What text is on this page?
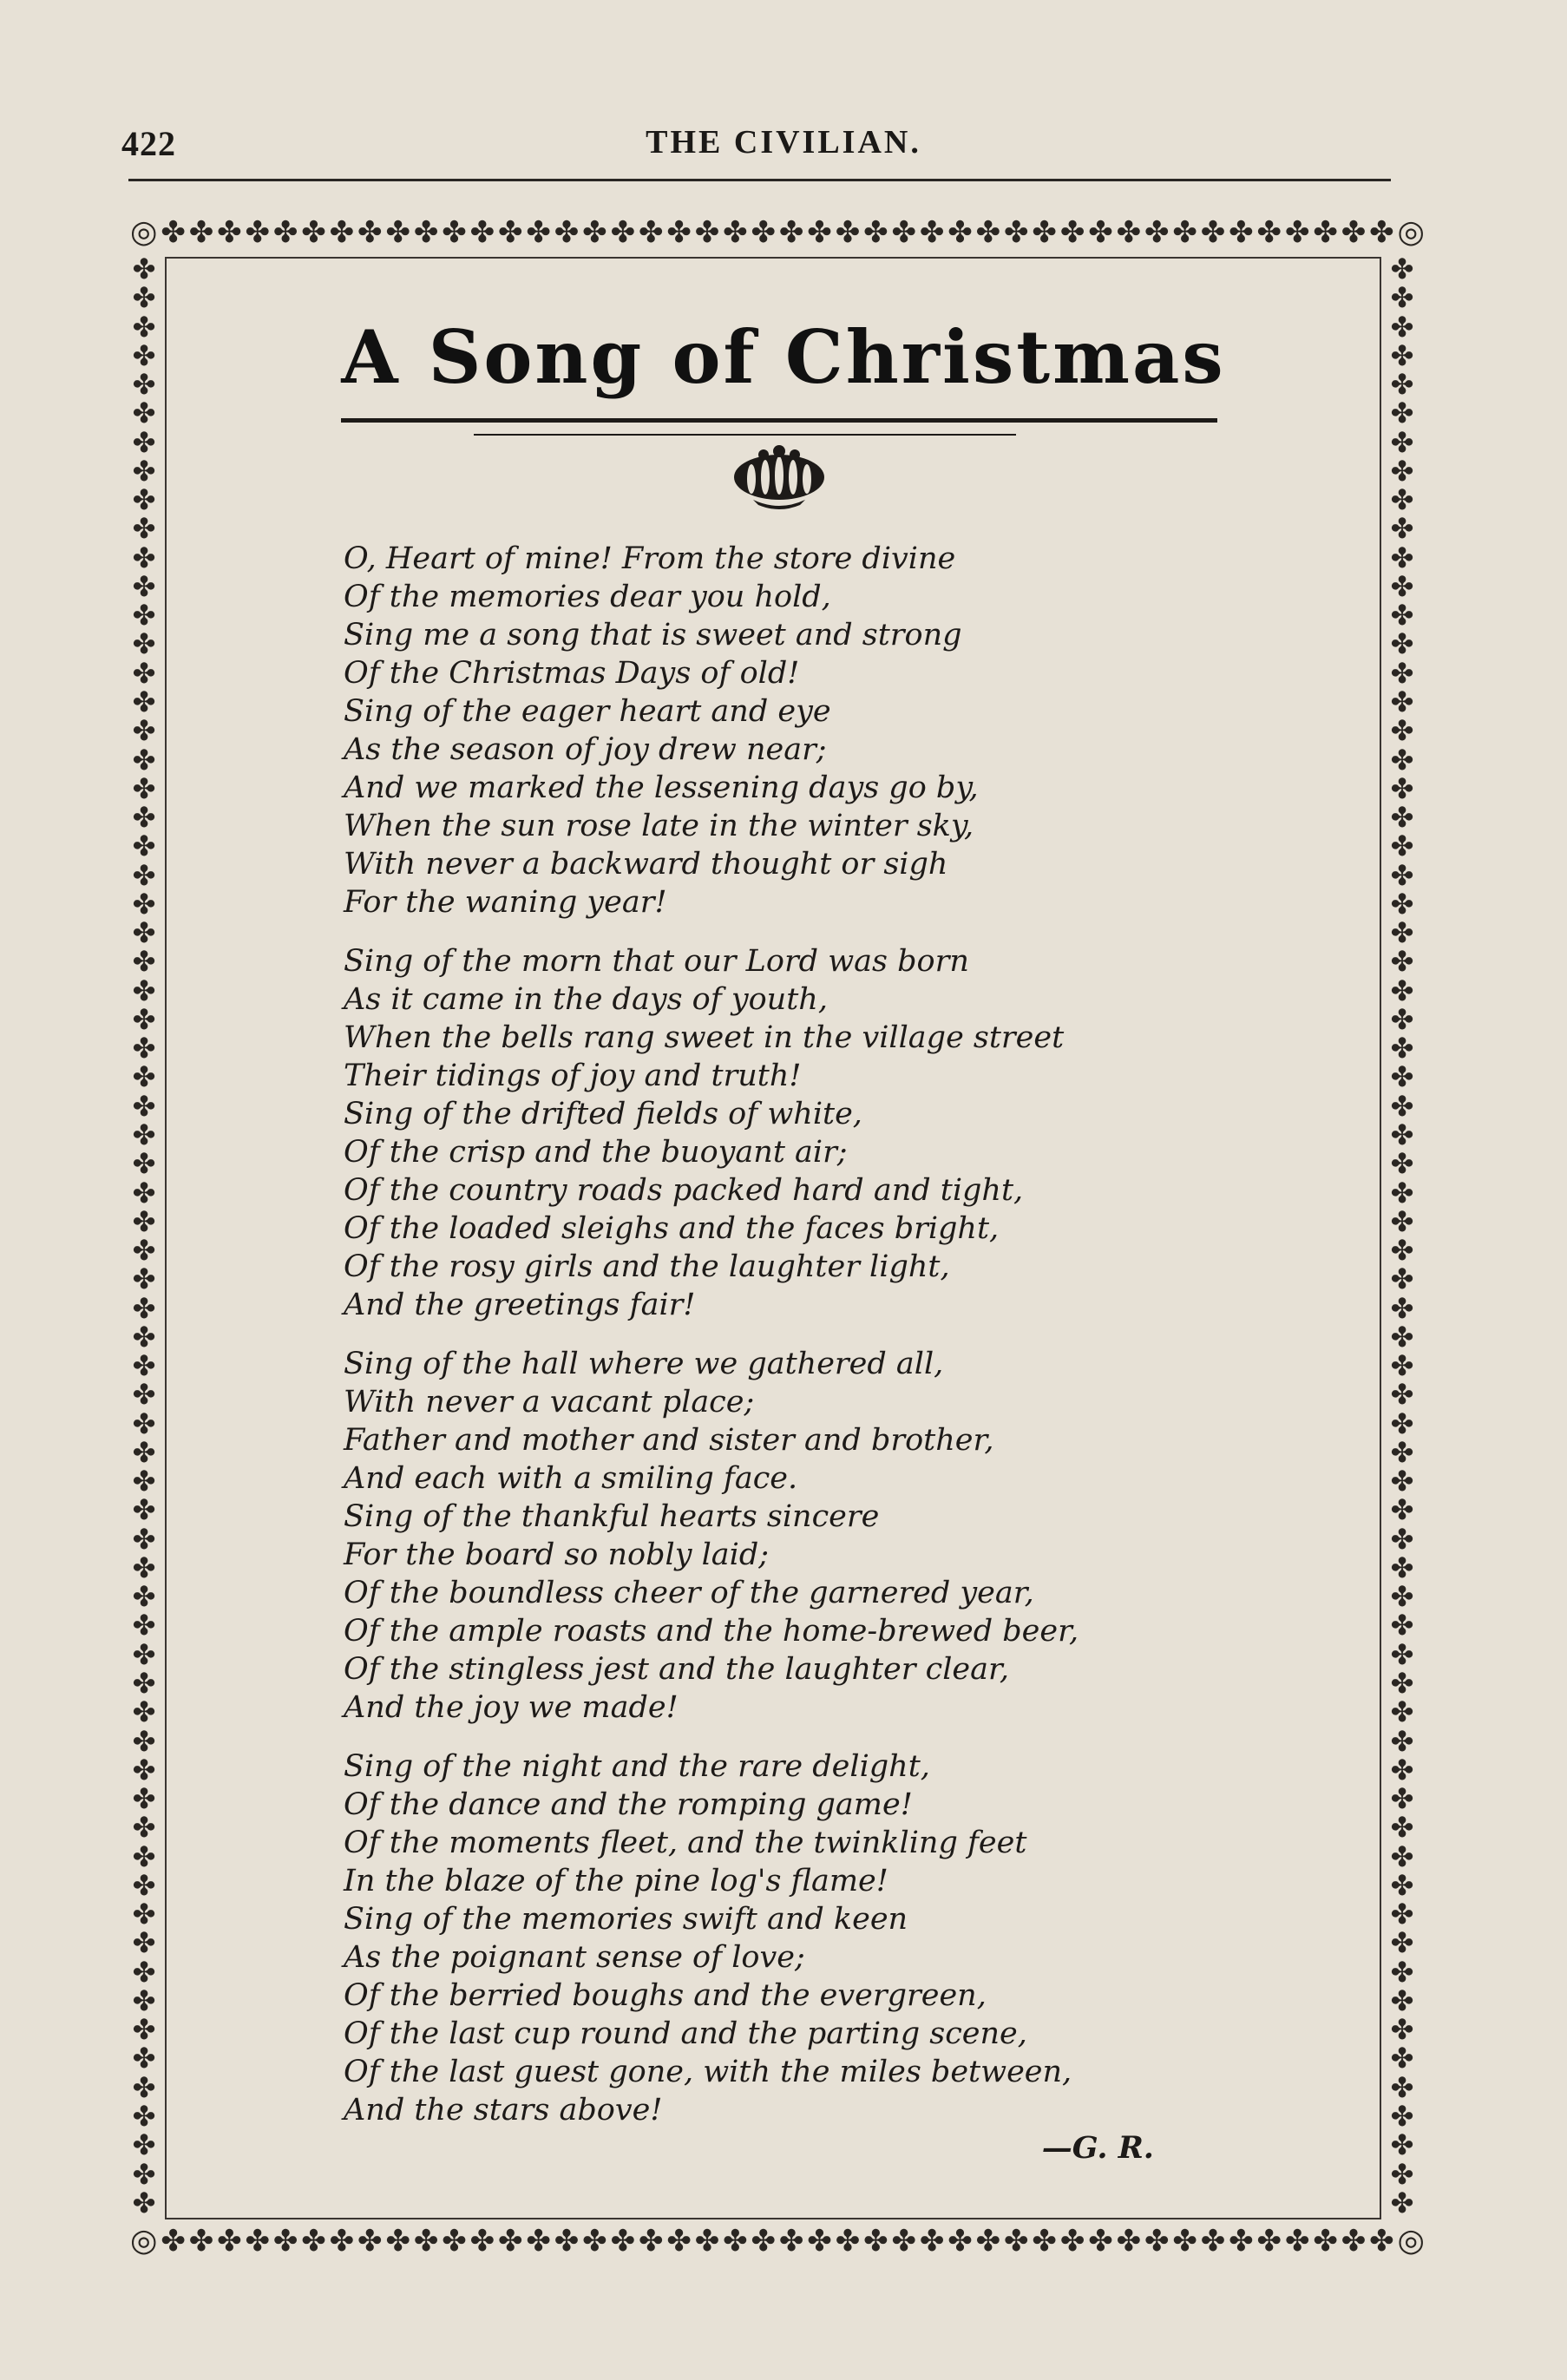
422	THE CIVILIAN.
◎ ✤ ✤ ✤ ✤ ✤ ✤ ✤ ✤ ✤ ✤ ✤ ✤ ✤ ✤ ✤ ✤ ✤ ✤ ✤ ✤ ✤ ✤ ✤ ✤ ✤ ✤ ✤ ✤ ✤ ✤ ✤ ✤ ✤ ✤ ✤ ✤ ✤ ✤ ✤ ✤ ✤ ✤ ✤ ✤ ◎
◎ ✤ ✤ ✤ ✤ ✤ ✤ ✤ ✤ ✤ ✤ ✤ ✤ ✤ ✤ ✤ ✤ ✤ ✤ ✤ ✤ ✤ ✤ ✤ ✤ ✤ ✤ ✤ ✤ ✤ ✤ ✤ ✤ ✤ ✤ ✤ ✤ ✤ ✤ ✤ ✤ ✤ ✤ ✤ ✤ ◎
✤
✤
✤
✤
✤
✤
✤
✤
✤
✤
✤
✤
✤
✤
✤
✤
✤
✤
✤
✤
✤
✤
✤
✤
✤
✤
✤
✤
✤
✤
✤
✤
✤
✤
✤
✤
✤
✤
✤
✤
✤
✤
✤
✤
✤
✤
✤
✤
✤
✤
✤
✤
✤
✤
✤
✤
✤
✤
✤
✤
✤
✤
✤
✤
✤
✤
✤
✤
✤
✤
✤
✤
✤
✤
✤
✤
✤
✤
✤
✤
✤
✤
✤
✤
✤
✤
✤
✤
✤
✤
✤
✤
✤
✤
✤
✤
✤
✤
✤
✤
✤
✤
✤
✤
✤
✤
✤
✤
✤
✤
✤
✤
✤
✤
✤
✤
✤
✤
✤
✤
✤
✤
✤
✤
✤
✤
✤
✤
✤
✤
✤
✤
✤
✤
✤
✤
A Song of Christmas
O, Heart of mine! From the store divine
Of the memories dear you hold,
Sing me a song that is sweet and strong
Of the Christmas Days of old!
Sing of the eager heart and eye
As the season of joy drew near;
And we marked the lessening days go by,
When the sun rose late in the winter sky,
With never a backward thought or sigh
For the waning year!
Sing of the morn that our Lord was born
As it came in the days of youth,
When the bells rang sweet in the village street
Their tidings of joy and truth!
Sing of the drifted fields of white,
Of the crisp and the buoyant air;
Of the country roads packed hard and tight,
Of the loaded sleighs and the faces bright,
Of the rosy girls and the laughter light,
And the greetings fair!
Sing of the hall where we gathered all,
With never a vacant place;
Father and mother and sister and brother,
And each with a smiling face.
Sing of the thankful hearts sincere
For the board so nobly laid;
Of the boundless cheer of the garnered year,
Of the ample roasts and the home-brewed beer,
Of the stingless jest and the laughter clear,
And the joy we made!
Sing of the night and the rare delight,
Of the dance and the romping game!
Of the moments fleet, and the twinkling feet
In the blaze of the pine log's flame!
Sing of the memories swift and keen
As the poignant sense of love;
Of the berried boughs and the evergreen,
Of the last cup round and the parting scene,
Of the last guest gone, with the miles between,
And the stars above!
—G. R.
